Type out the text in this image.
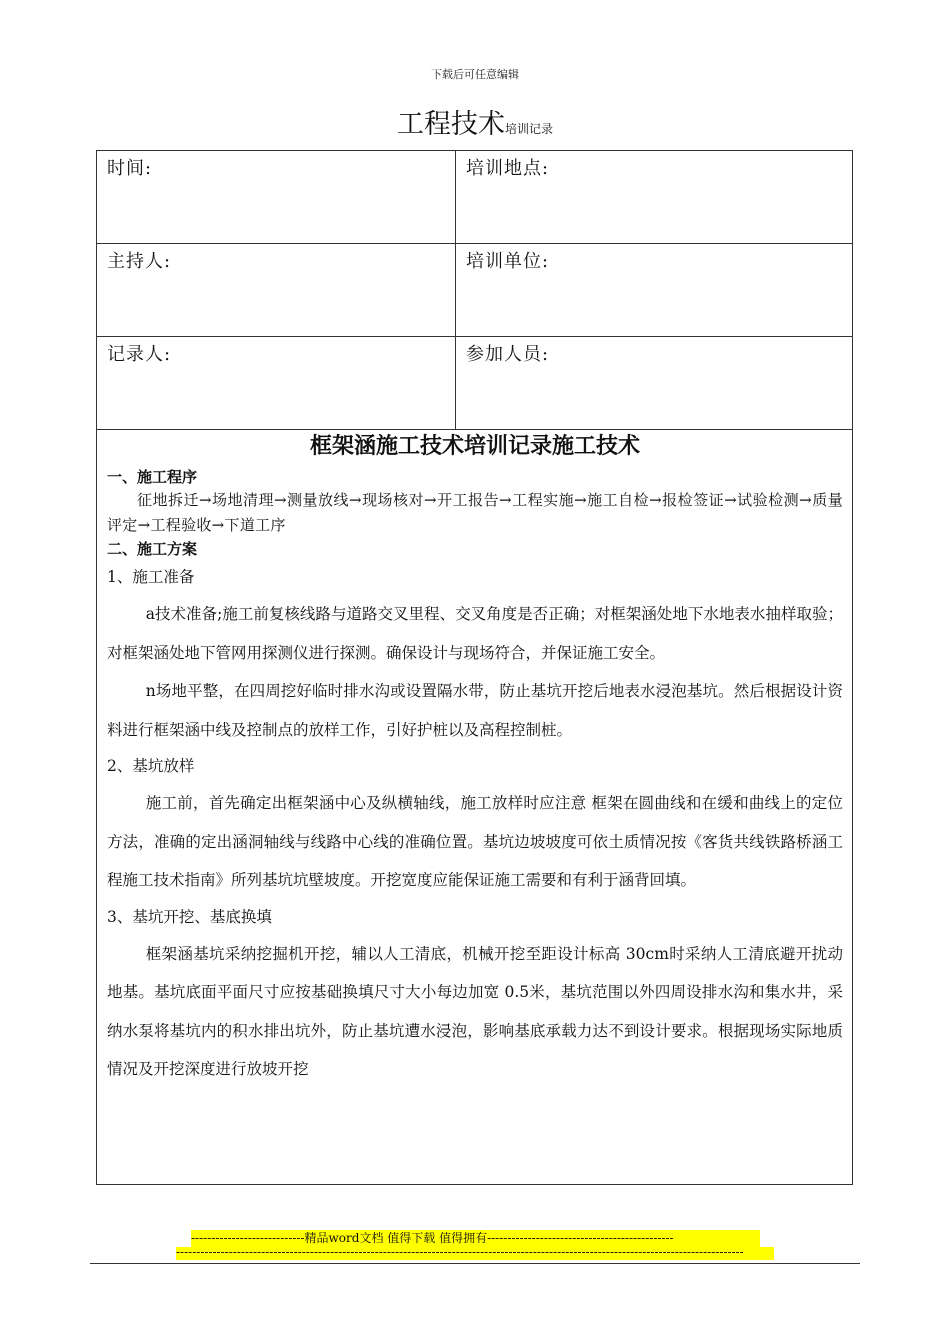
下载后可任意编辑
工程技术培训记录
时间:	培训地点:
主持人:	培训单位:
记录人:	参加人员:
框架涵施工技术培训记录施工技术

一、施工程序

征地拆迁→场地清理→测量放线→现场核对→开工报告→工程实施→施工自检→报检签证→试验检测→质量评定→工程验收→下道工序

二、施工方案

1、施工准备

a技术准备;施工前复核线路与道路交叉里程、交叉角度是否正确；对框架涵处地下水地表水抽样取验；对框架涵处地下管网用探测仪进行探测。确保设计与现场符合，并保证施工安全。

n场地平整，在四周挖好临时排水沟或设置隔水带，防止基坑开挖后地表水浸泡基坑。然后根据设计资料进行框架涵中线及控制点的放样工作，引好护桩以及高程控制桩。

2、基坑放样

施工前，首先确定出框架涵中心及纵横轴线，施工放样时应注意 框架在圆曲线和在缓和曲线上的定位方法，准确的定出涵洞轴线与线路中心线的准确位置。基坑边坡坡度可依土质情况按《客货共线铁路桥涵工程施工技术指南》所列基坑坑壁坡度。开挖宽度应能保证施工需要和有利于涵背回填。

3、基坑开挖、基底换填

框架涵基坑采纳挖掘机开挖，辅以人工清底，机械开挖至距设计标高 30cm时采纳人工清底避开扰动地基。基坑底面平面尺寸应按基础换填尺寸大小每边加宽 0.5米，基坑范围以外四周设排水沟和集水井，采纳水泵将基坑内的积水排出坑外，防止基坑遭水浸泡，影响基底承载力达不到设计要求。根据现场实际地质情况及开挖深度进行放坡开挖

----------------------------精品word文档 值得下载 值得拥有----------------------------------------------
--------------------------------------------------------------------------------------------------------------------------------------------
